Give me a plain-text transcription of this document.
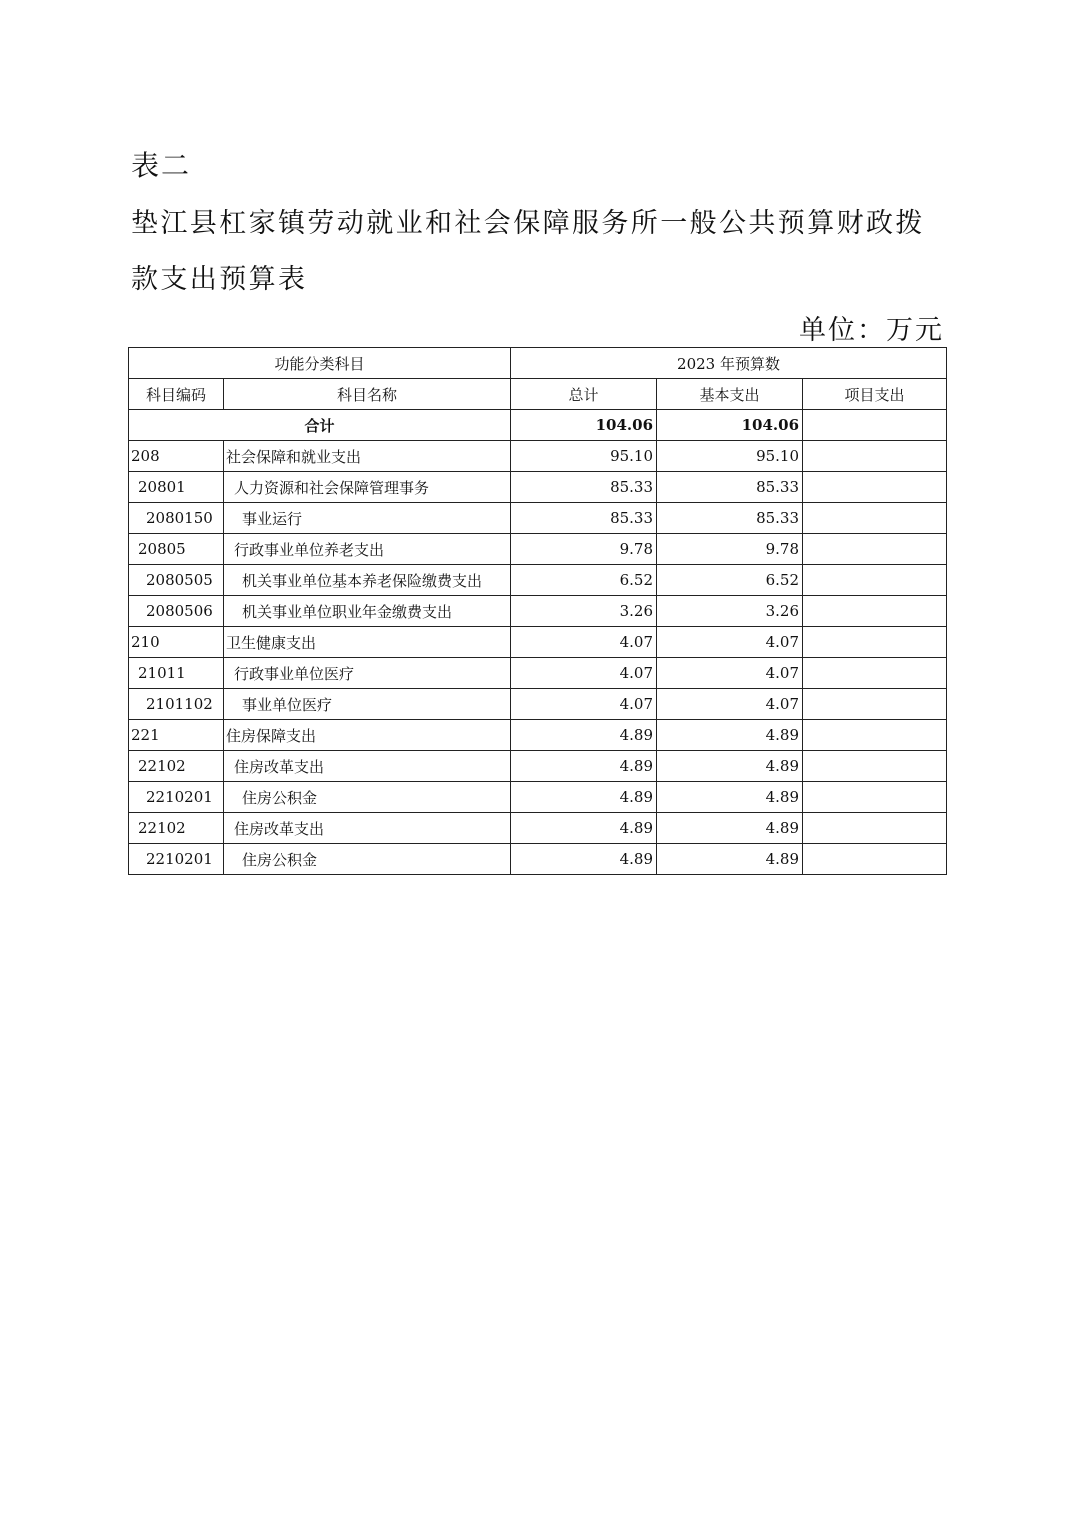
表二
垫江县杠家镇劳动就业和社会保障服务所一般公共预算财政拨款支出预算表
单位：万元
功能分类科目		2023 年预算数		
科目编码	科目名称	总计	基本支出	项目支出
合计		104.06	104.06	
208	社会保障和就业支出	95.10	95.10	
20801	人力资源和社会保障管理事务	85.33	85.33	
2080150	事业运行	85.33	85.33	
20805	行政事业单位养老支出	9.78	9.78	
2080505	机关事业单位基本养老保险缴费支出	6.52	6.52	
2080506	机关事业单位职业年金缴费支出	3.26	3.26	
210	卫生健康支出	4.07	4.07	
21011	行政事业单位医疗	4.07	4.07	
2101102	事业单位医疗	4.07	4.07	
221	住房保障支出	4.89	4.89	
22102	住房改革支出	4.89	4.89	
2210201	住房公积金	4.89	4.89	
22102	住房改革支出	4.89	4.89	
2210201	住房公积金	4.89	4.89	
